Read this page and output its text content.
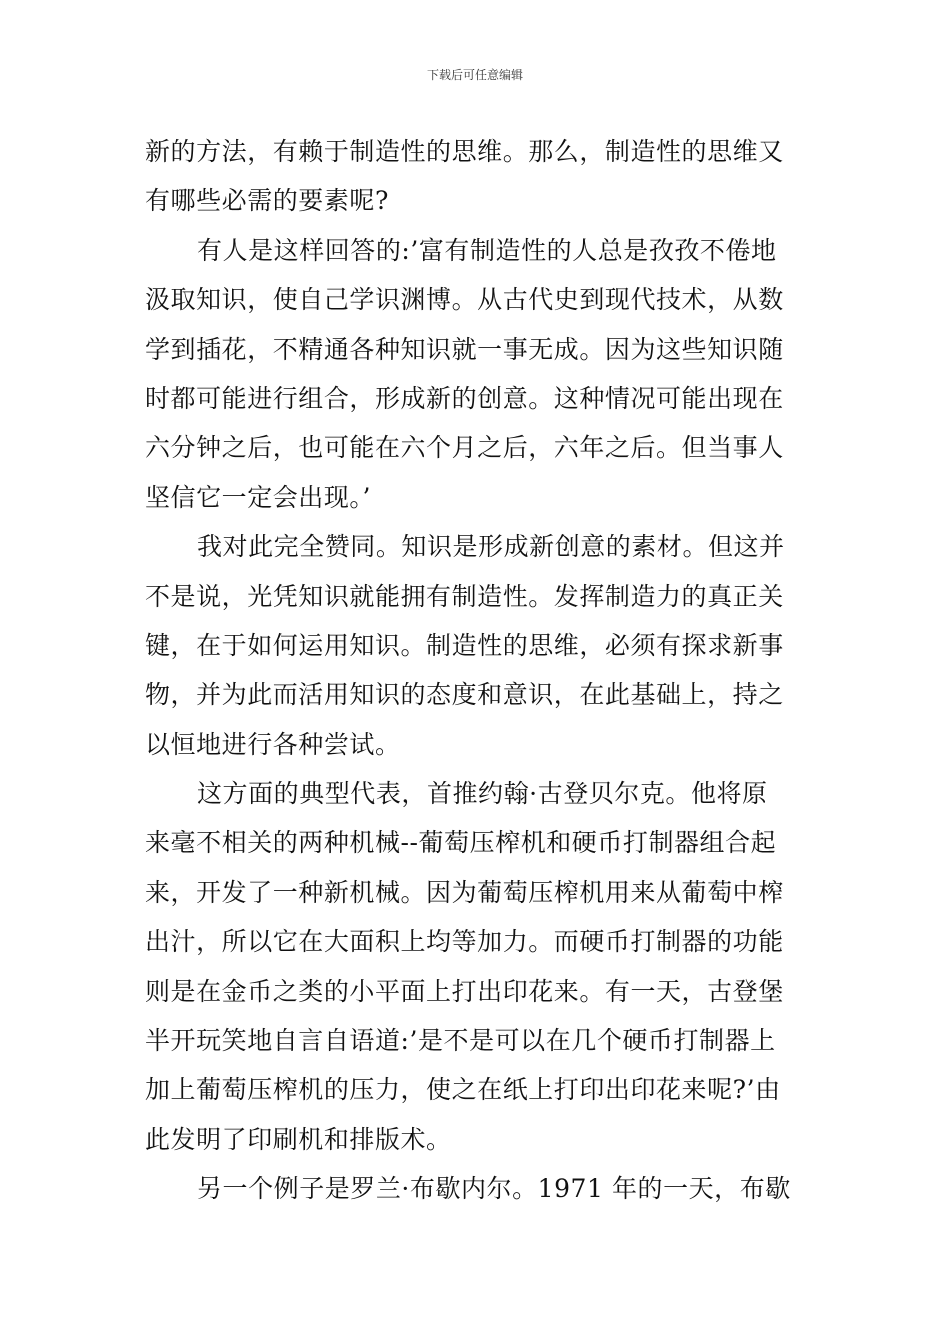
下载后可任意编辑
新的方法，有赖于制造性的思维。那么，制造性的思维又
有哪些必需的要素呢?
有人是这样回答的:’富有制造性的人总是孜孜不倦地
汲取知识，使自己学识渊博。从古代史到现代技术，从数
学到插花，不精通各种知识就一事无成。因为这些知识随
时都可能进行组合，形成新的创意。这种情况可能出现在
六分钟之后，也可能在六个月之后，六年之后。但当事人
坚信它一定会出现。’
我对此完全赞同。知识是形成新创意的素材。但这并
不是说，光凭知识就能拥有制造性。发挥制造力的真正关
键，在于如何运用知识。制造性的思维，必须有探求新事
物，并为此而活用知识的态度和意识，在此基础上，持之
以恒地进行各种尝试。
这方面的典型代表，首推约翰·古登贝尔克。他将原
来毫不相关的两种机械--葡萄压榨机和硬币打制器组合起
来，开发了一种新机械。因为葡萄压榨机用来从葡萄中榨
出汁，所以它在大面积上均等加力。而硬币打制器的功能
则是在金币之类的小平面上打出印花来。有一天，古登堡
半开玩笑地自言自语道:’是不是可以在几个硬币打制器上
加上葡萄压榨机的压力，使之在纸上打印出印花来呢?’由
此发明了印刷机和排版术。
另一个例子是罗兰·布歇内尔。1971 年的一天，布歇
